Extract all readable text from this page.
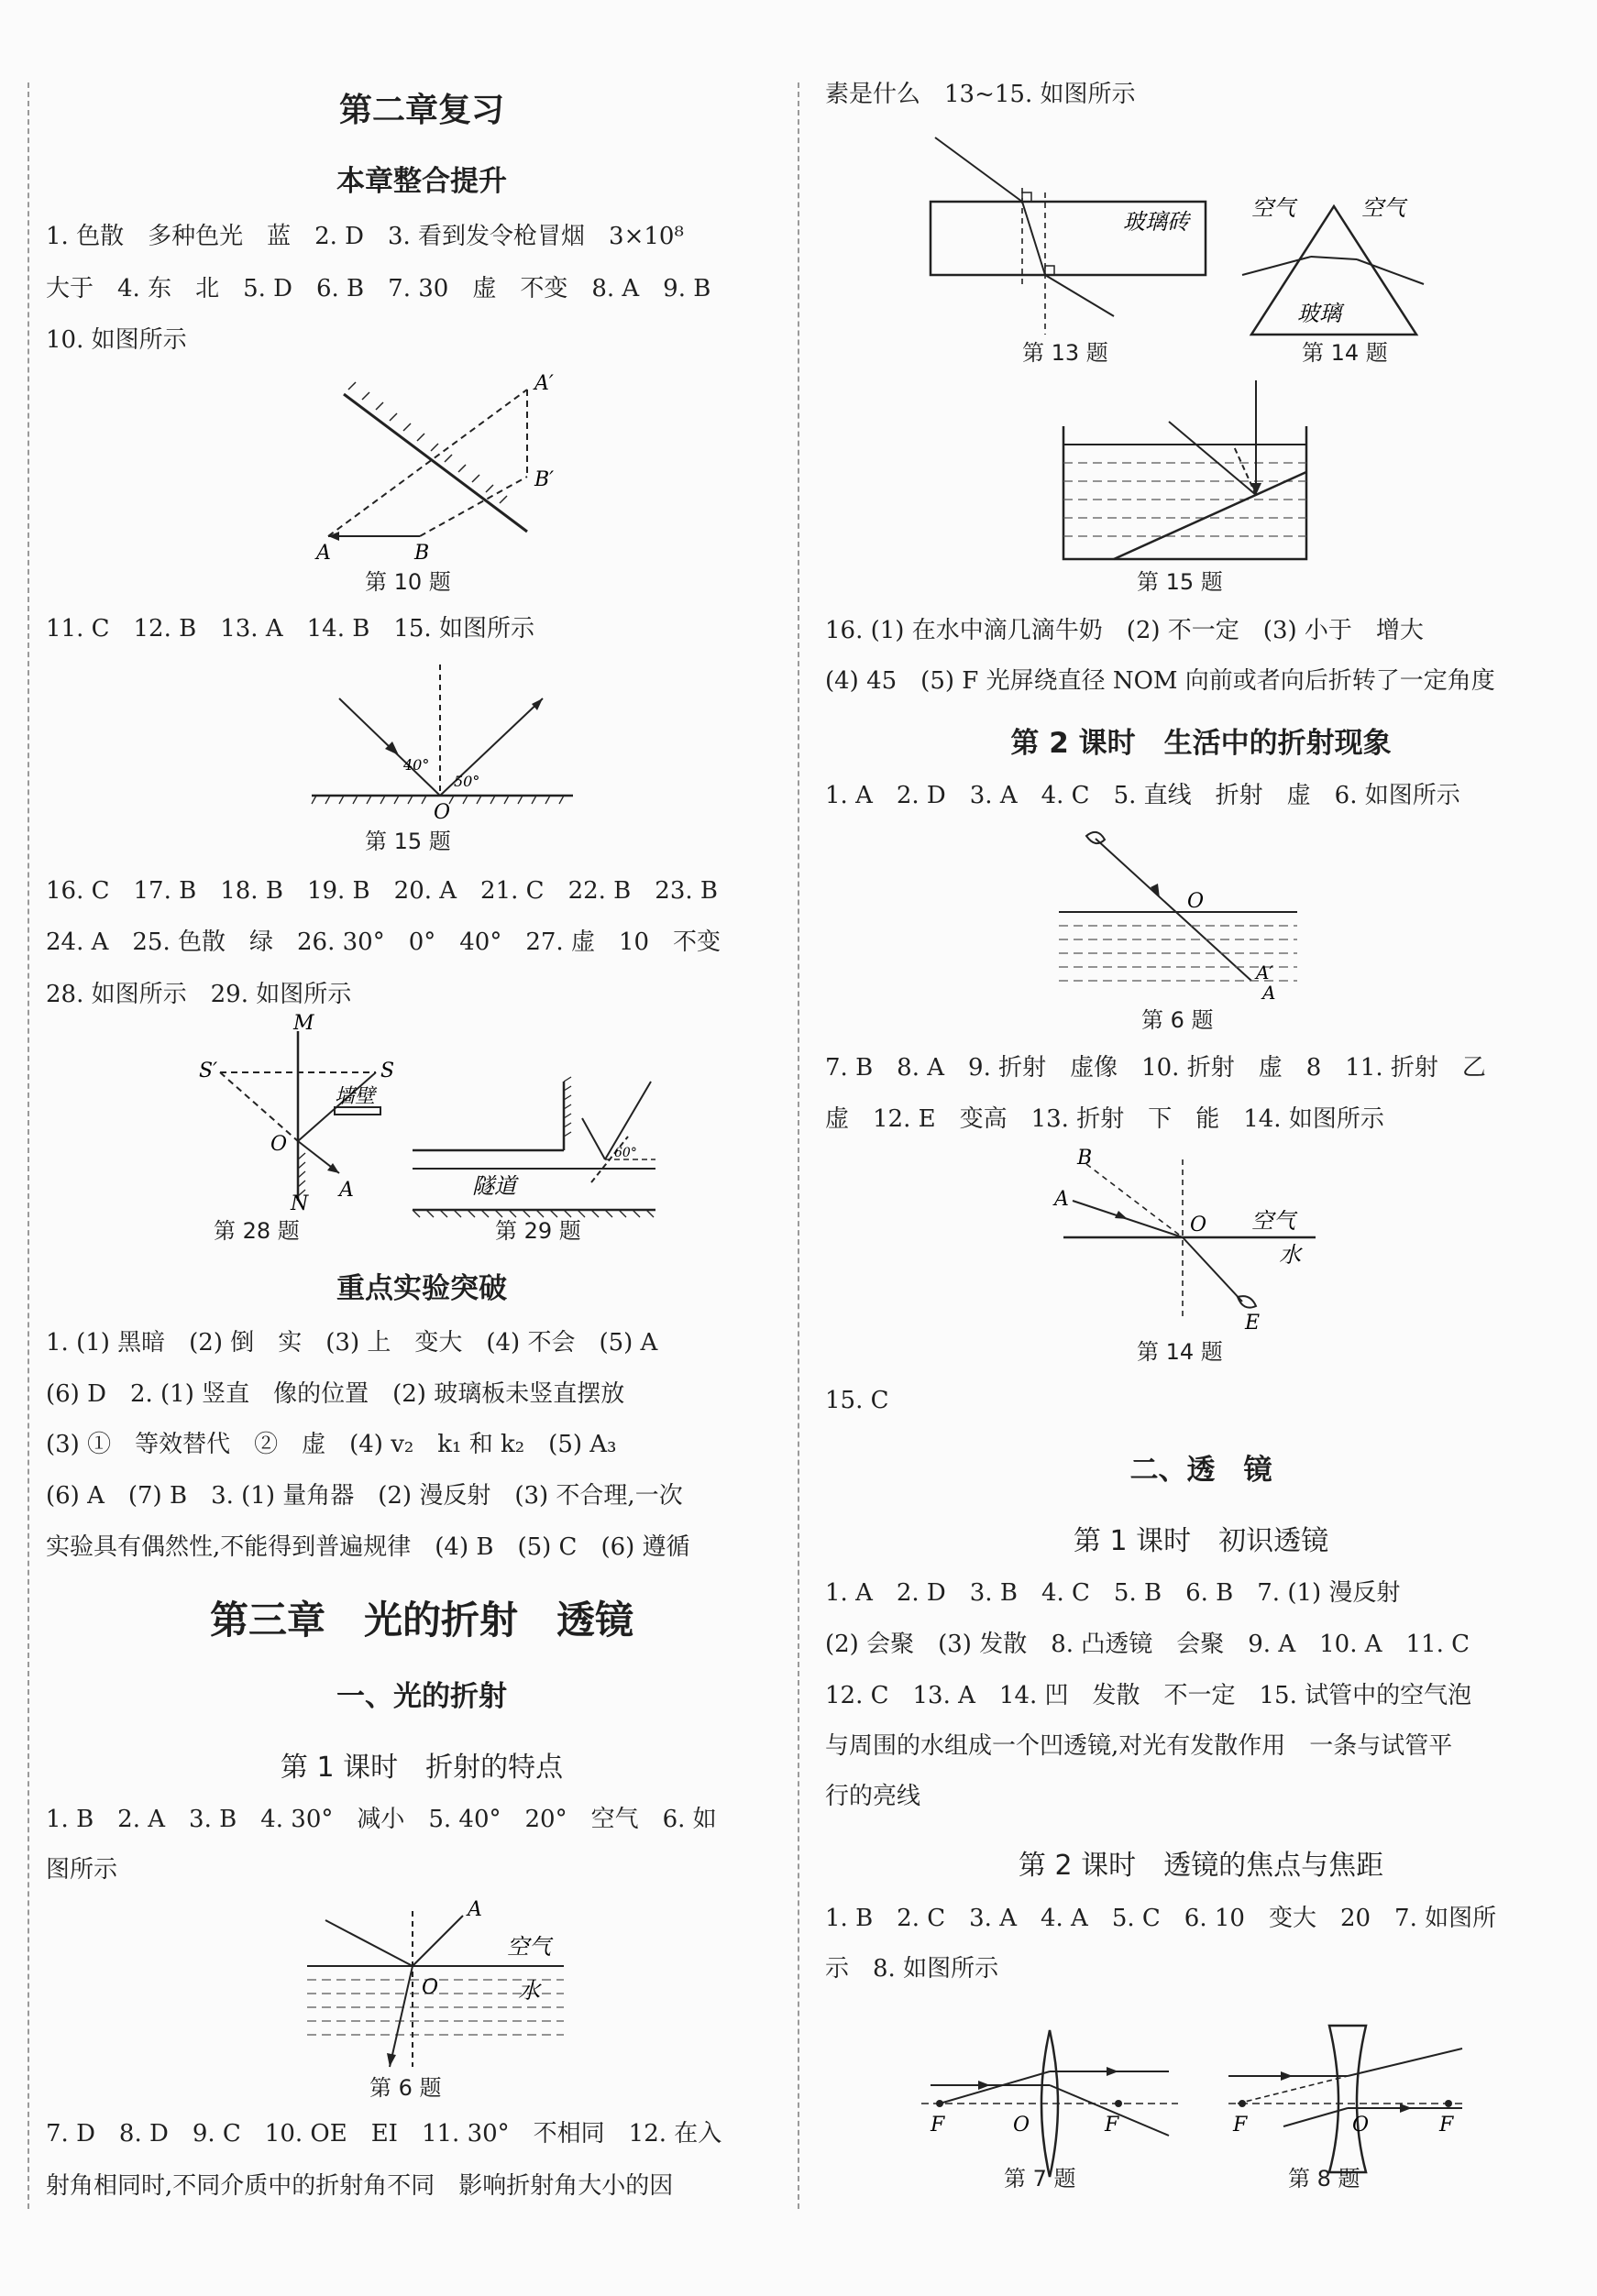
第二章复习
本章整合提升
1. 色散　多种色光　蓝　2. D　3. 看到发令枪冒烟　3×10⁸
大于　4. 东　北　5. D　6. B　7. 30　虚　不变　8. A　9. B
10. 如图所示
A	B
A′
B′
第 10 题
11. C　12. B　13. A　14. B　15. 如图所示
40°
50°
O
第 15 题
16. C　17. B　18. B　19. B　20. A　21. C　22. B　23. B
24. A　25. 色散　绿　26. 30°　0°　40°　27. 虚　10　不变
28. 如图所示　29. 如图所示
M
N
S′	S
O
A
墙壁
第 28 题
60°
隧道
第 29 题
重点实验突破
1. (1) 黑暗　(2) 倒　实　(3) 上　变大　(4) 不会　(5) A
(6) D　2. (1) 竖直　像的位置　(2) 玻璃板未竖直摆放
(3) ①　等效替代　②　虚　(4) v₂　k₁ 和 k₂　(5) A₃
(6) A　(7) B　3. (1) 量角器　(2) 漫反射　(3) 不合理,一次
实验具有偶然性,不能得到普遍规律　(4) B　(5) C　(6) 遵循
第三章　光的折射　透镜
一、光的折射
第 1 课时　折射的特点
1. B　2. A　3. B　4. 30°　减小　5. 40°　20°　空气　6. 如
图所示
A
O
空气
水
第 6 题
7. D　8. D　9. C　10. OE　EI　11. 30°　不相同　12. 在入
射角相同时,不同介质中的折射角不同　影响折射角大小的因
素是什么　13~15. 如图所示
玻璃砖
第 13 题
空气	空气
玻璃
第 14 题
第 15 题
16. (1) 在水中滴几滴牛奶　(2) 不一定　(3) 小于　增大
(4) 45　(5) F 光屏绕直径 NOM 向前或者向后折转了一定角度
第 2 课时　生活中的折射现象
1. A　2. D　3. A　4. C　5. 直线　折射　虚　6. 如图所示
O
A′
A
第 6 题
7. B　8. A　9. 折射　虚像　10. 折射　虚　8　11. 折射　乙
虚　12. E　变高　13. 折射　下　能　14. 如图所示
B
A
O
E
空气
水
第 14 题
15. C
二、透　镜
第 1 课时　初识透镜
1. A　2. D　3. B　4. C　5. B　6. B　7. (1) 漫反射
(2) 会聚　(3) 发散　8. 凸透镜　会聚　9. A　10. A　11. C
12. C　13. A　14. 凹　发散　不一定　15. 试管中的空气泡
与周围的水组成一个凹透镜,对光有发散作用　一条与试管平
行的亮线
第 2 课时　透镜的焦点与焦距
1. B　2. C　3. A　4. A　5. C　6. 10　变大　20　7. 如图所
示　8. 如图所示
F	O	F
第 7 题
F	O	F
第 8 题
